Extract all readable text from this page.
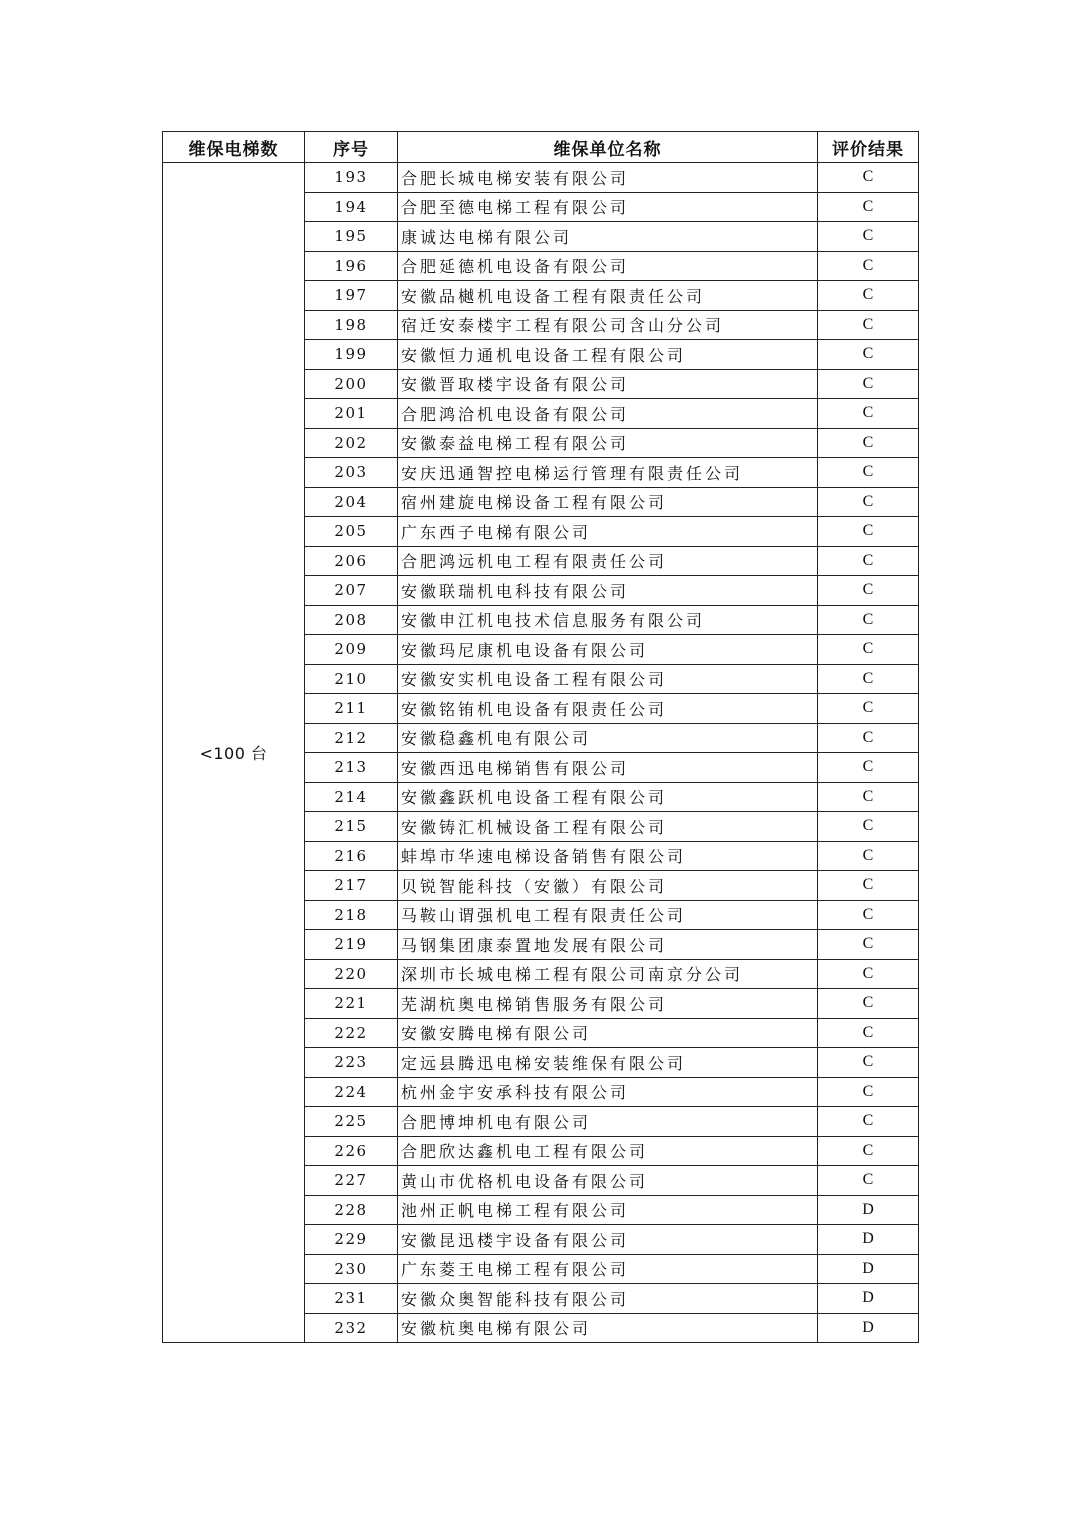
维保电梯数	序号	维保单位名称	评价结果
<100 台	193	合肥长城电梯安装有限公司	C
	194	合肥至德电梯工程有限公司	C
	195	康诚达电梯有限公司	C
	196	合肥延德机电设备有限公司	C
	197	安徽品樾机电设备工程有限责任公司	C
	198	宿迁安泰楼宇工程有限公司含山分公司	C
	199	安徽恒力通机电设备工程有限公司	C
	200	安徽晋取楼宇设备有限公司	C
	201	合肥鸿洽机电设备有限公司	C
	202	安徽泰益电梯工程有限公司	C
	203	安庆迅通智控电梯运行管理有限责任公司	C
	204	宿州建旋电梯设备工程有限公司	C
	205	广东西子电梯有限公司	C
	206	合肥鸿远机电工程有限责任公司	C
	207	安徽联瑞机电科技有限公司	C
	208	安徽申江机电技术信息服务有限公司	C
	209	安徽玛尼康机电设备有限公司	C
	210	安徽安实机电设备工程有限公司	C
	211	安徽铭铕机电设备有限责任公司	C
	212	安徽稳鑫机电有限公司	C
	213	安徽西迅电梯销售有限公司	C
	214	安徽鑫跃机电设备工程有限公司	C
	215	安徽铸汇机械设备工程有限公司	C
	216	蚌埠市华速电梯设备销售有限公司	C
	217	贝锐智能科技（安徽）有限公司	C
	218	马鞍山谓强机电工程有限责任公司	C
	219	马钢集团康泰置地发展有限公司	C
	220	深圳市长城电梯工程有限公司南京分公司	C
	221	芜湖杭奥电梯销售服务有限公司	C
	222	安徽安腾电梯有限公司	C
	223	定远县腾迅电梯安装维保有限公司	C
	224	杭州金宇安承科技有限公司	C
	225	合肥博坤机电有限公司	C
	226	合肥欣达鑫机电工程有限公司	C
	227	黄山市优格机电设备有限公司	C
	228	池州正帆电梯工程有限公司	D
	229	安徽昆迅楼宇设备有限公司	D
	230	广东菱王电梯工程有限公司	D
	231	安徽众奥智能科技有限公司	D
	232	安徽杭奥电梯有限公司	D
